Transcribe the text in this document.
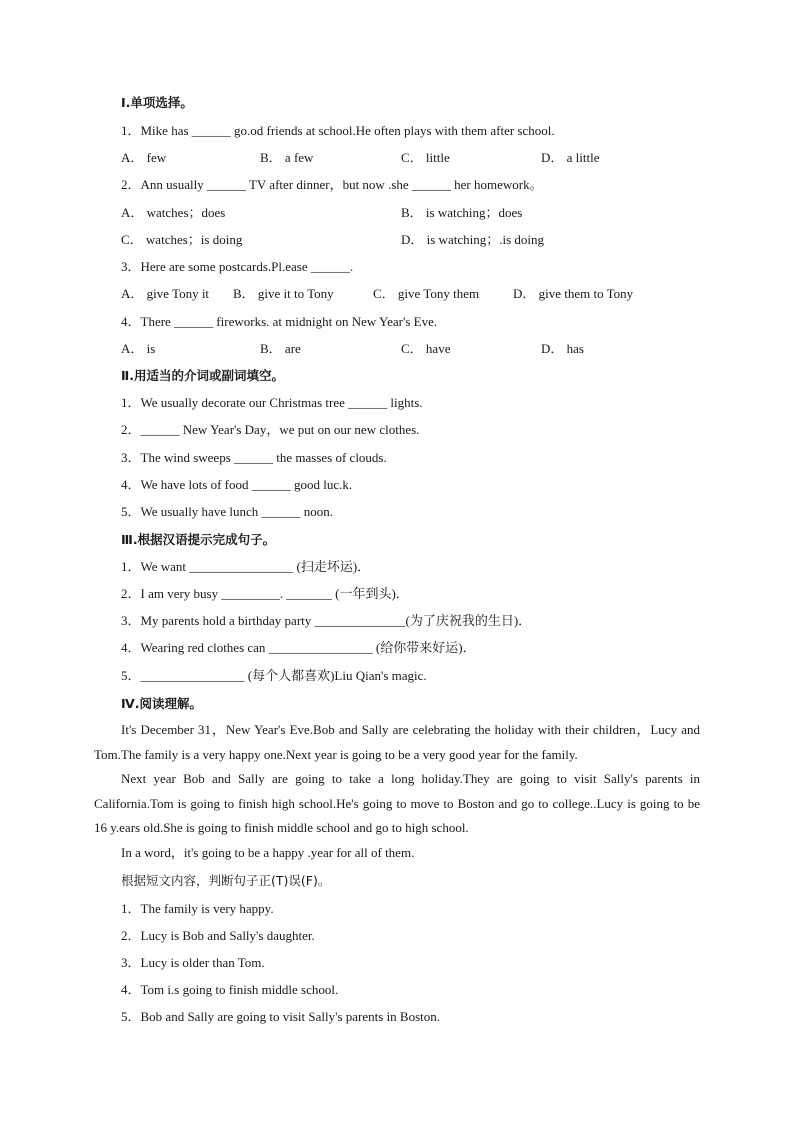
Ⅰ.单项选择。
1．Mike has ______ go.od friends at school.He often plays with them after school.
A． few	B． a few	C． little	D． a little
2．Ann usually ______ TV after dinner，but now .she ______ her homework。
A． watches；does	B． is watching；does
C． watches；is doing	D． is watching；.is doing
3．Here are some postcards.Pl.ease ______.
A． give Tony it B． give it to Tony	C． give Tony them	D． give them to Tony
4．There ______ fireworks. at midnight on New Year's Eve.
A． is	B． are	C． have	D． has
Ⅱ.用适当的介词或副词填空。
1．We usually decorate our Christmas tree ______ lights.
2．______ New Year's Day，we put on our new clothes.
3．The wind sweeps ______ the masses of clouds.
4．We have lots of food ______ good luc.k.
5．We usually have lunch ______ noon.
Ⅲ.根据汉语提示完成句子。
1．We want ________________ (扫走坏运)．
2．I am very busy _________. _______ (一年到头)．
3．My parents hold a birthday party ______________(为了庆祝我的生日)．
4．Wearing red clothes can ________________ (给你带来好运)．
5．________________ (每个人都喜欢)Liu Qian's magic.
Ⅳ.阅读理解。
It's December 31，New Year's Eve.Bob and Sally are celebrating the holiday with their children，Lucy and Tom.The family is a very happy one.Next year is going to be a very good year for the family.
Next year Bob and Sally are going to take a long holiday.They are going to visit Sally's parents in California.Tom is going to finish high school.He's going to move to Boston and go to college..Lucy is going to be 16 y.ears old.She is going to finish middle school and go to high school.
In a word，it's going to be a happy .year for all of them.
根据短文内容，判断句子正(T)误(F)。
1．The family is very happy.
2．Lucy is Bob and Sally's daughter.
3．Lucy is older than Tom.
4．Tom i.s going to finish middle school.
5．Bob and Sally are going to visit Sally's parents in Boston.
